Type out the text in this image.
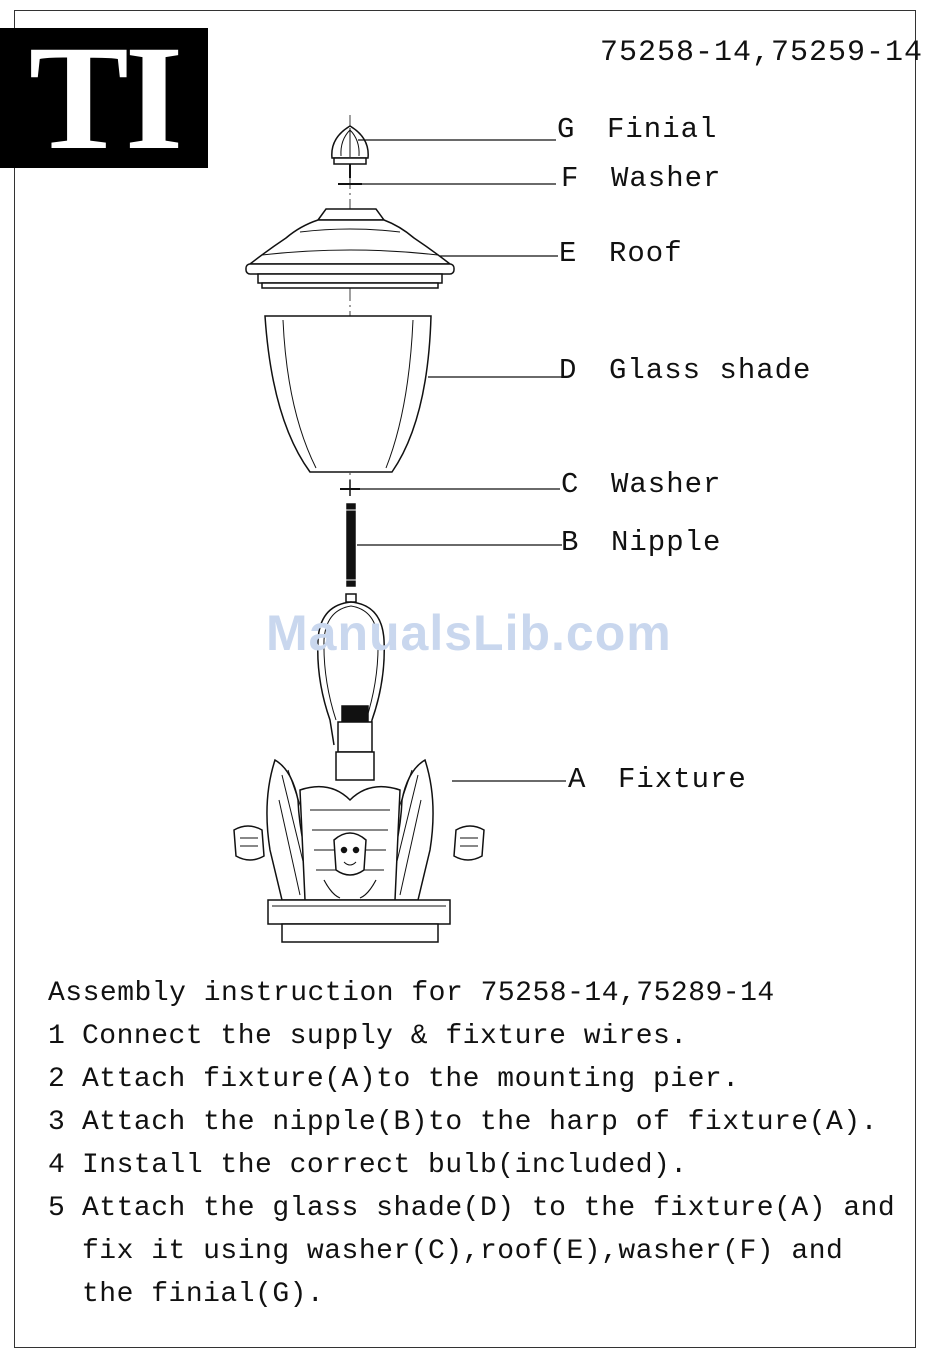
TI	75258-14,75259-14
G Finial
F Washer
E Roof
D Glass shade
C Washer
B Nipple
A Fixture
ManualsLib.com
Assembly instruction for 75258-14,75289-14
1 Connect the supply & fixture wires.
2 Attach fixture(A)to the mounting pier.
3 Attach the nipple(B)to the harp of fixture(A).
4 Install the correct bulb(included).
5 Attach the glass shade(D) to the fixture(A) and fix it using washer(C),roof(E),washer(F) and the finial(G).
